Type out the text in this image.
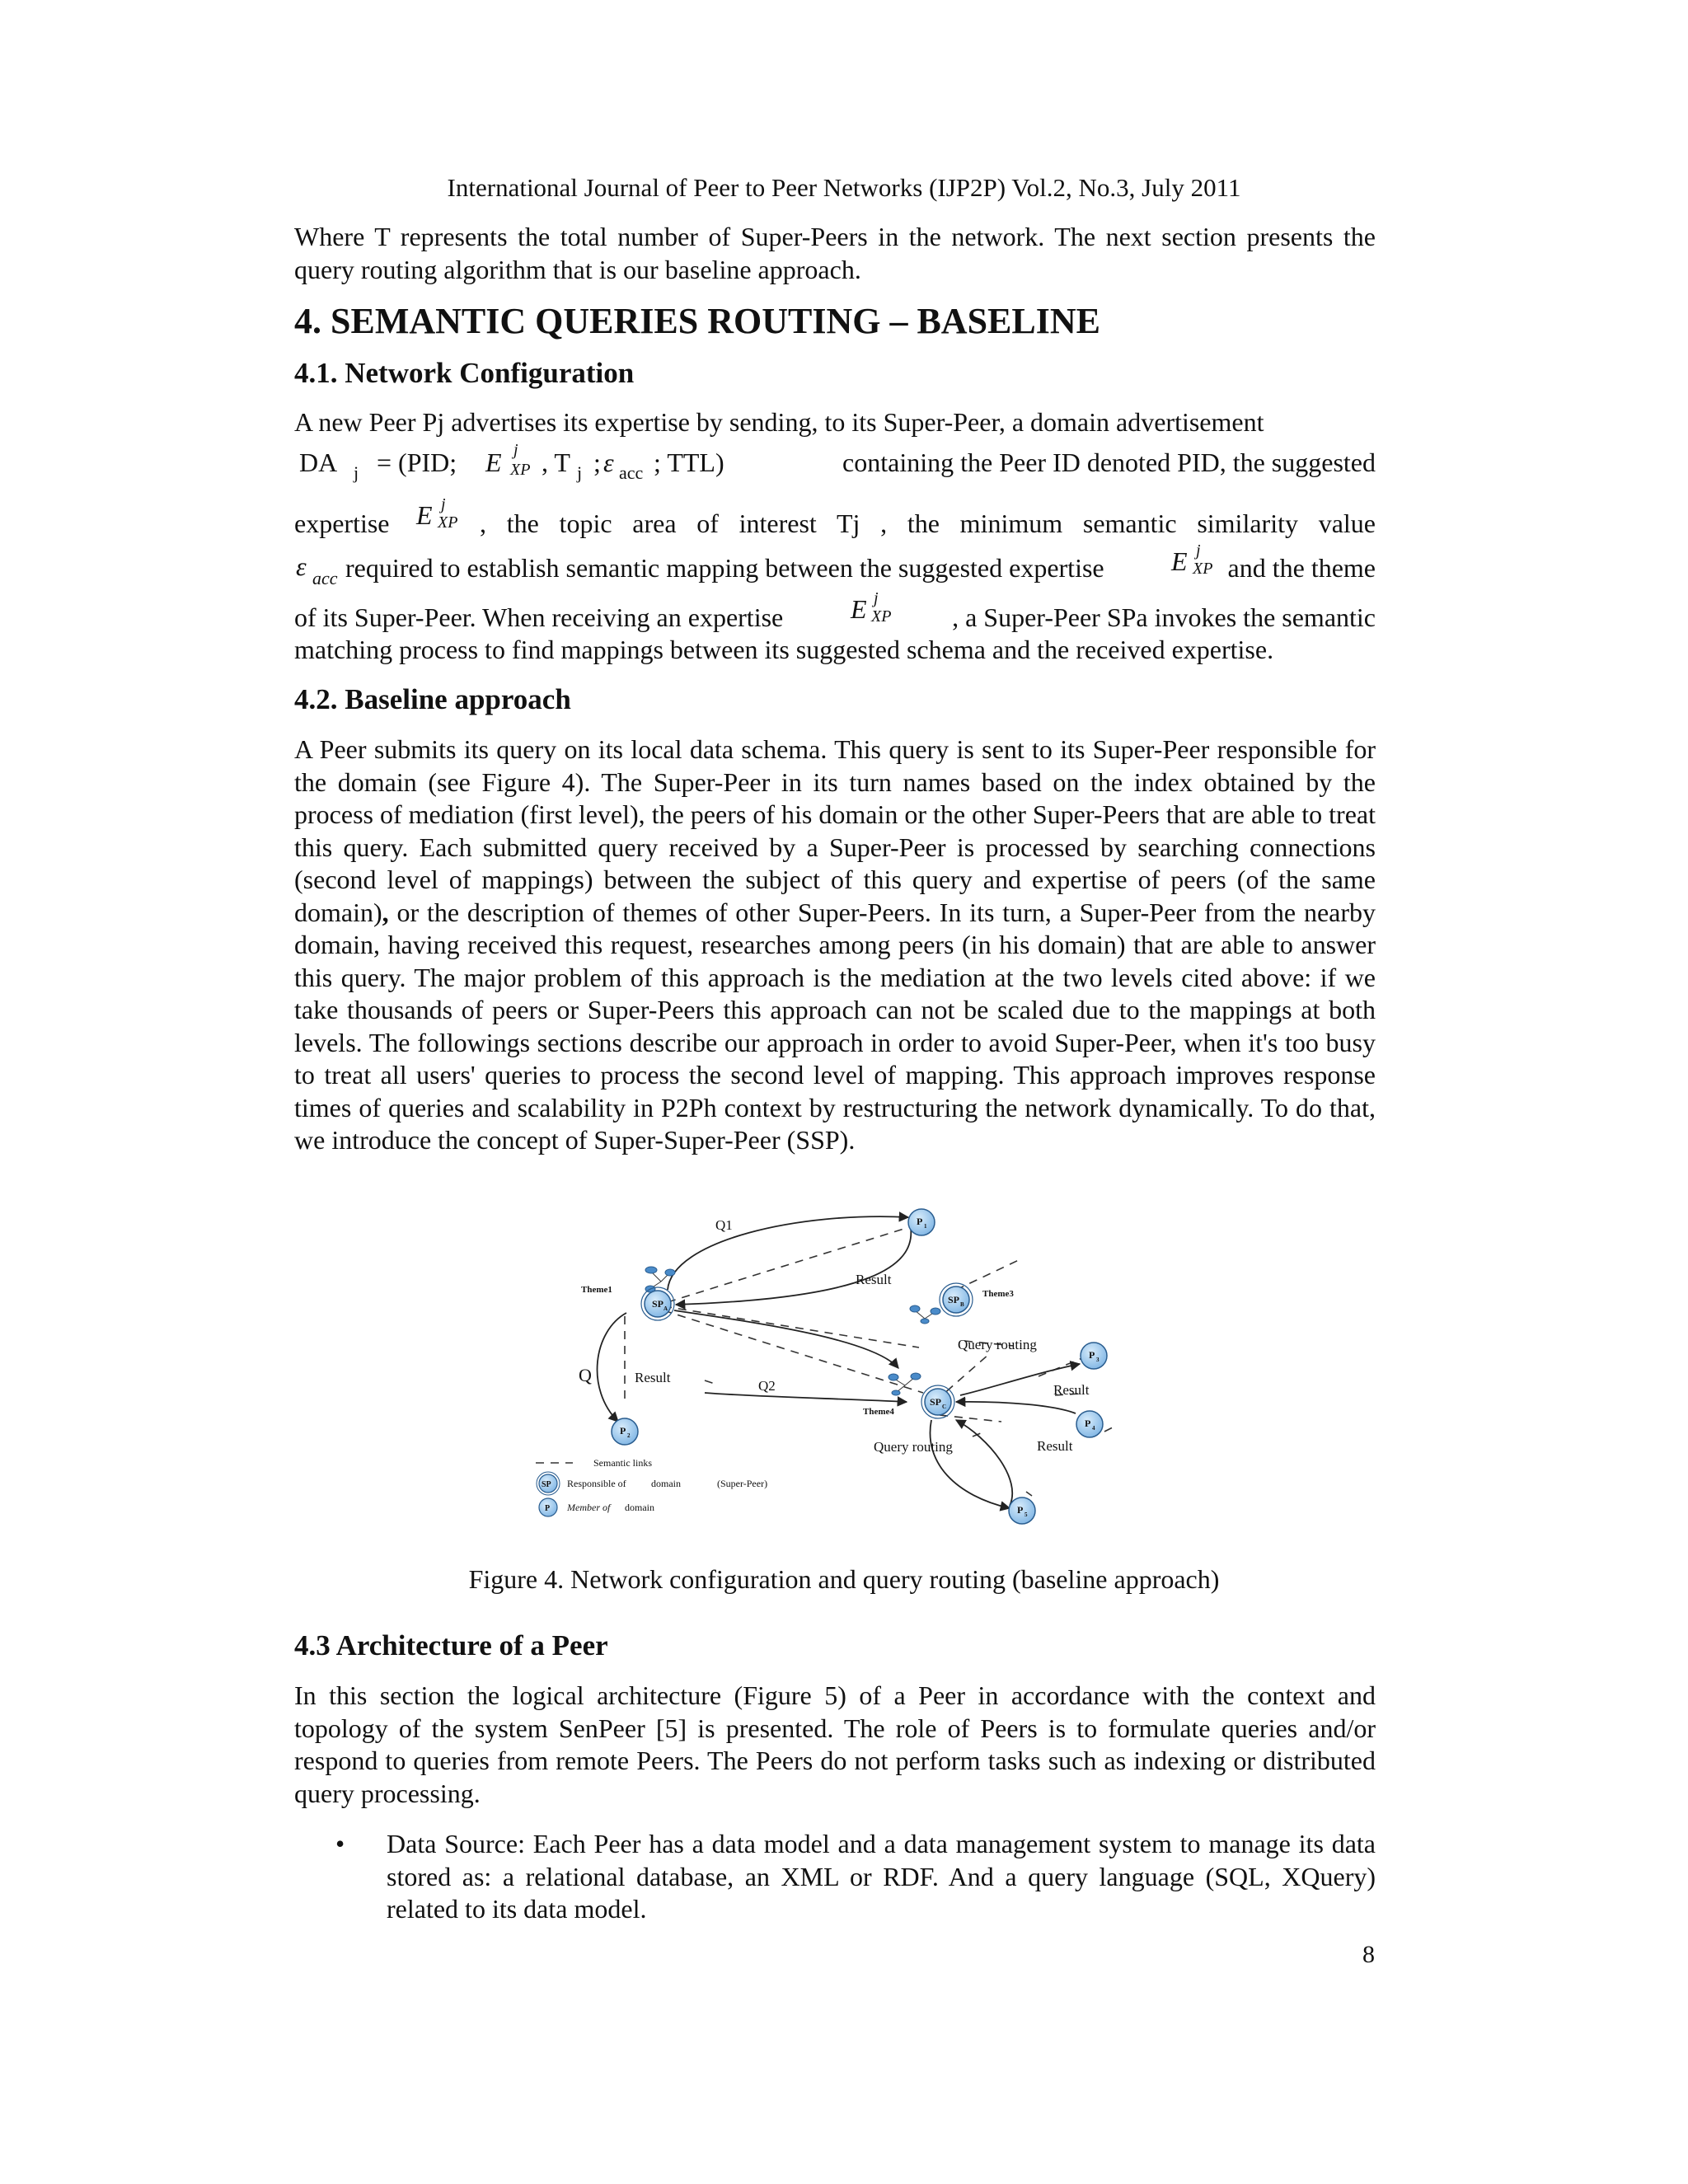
International Journal of Peer to Peer Networks (IJP2P) Vol.2, No.3, July 2011

Where T represents the total number of Super-Peers in the network. The next section presents the query routing algorithm that is our baseline approach.

4. SEMANTIC QUERIES ROUTING – BASELINE
4.1. Network Configuration

A new Peer Pj advertises its expertise by sending, to its Super-Peer, a domain advertisement

DA j = (PID; E j
XP , T j ; ε acc ; TTL)	containing the Peer ID denoted PID, the suggested
expertise E j
XP , the topic area of interest Tj , the minimum semantic similarity value
ε acc required to establish semantic mapping between the suggested expertise	E j
XP and the theme
of its Super-Peer. When receiving an expertise	E j
XP , a Super-Peer SPa invokes the semantic

matching process to find mappings between its suggested schema and the received expertise.

4.2. Baseline approach

A Peer submits its query on its local data schema. This query is sent to its Super-Peer responsible for the domain (see Figure 4). The Super-Peer in its turn names based on the index obtained by the process of mediation (first level), the peers of his domain or the other Super-Peers that are able to treat this query. Each submitted query received by a Super-Peer is processed by searching connections (second level of mappings) between the subject of this query and expertise of peers (of the same domain), or the description of themes of other Super-Peers. In its turn, a Super-Peer from the nearby domain, having received this request, researches among peers (in his domain) that are able to answer this query. The major problem of this approach is the mediation at the two levels cited above: if we take thousands of peers or Super-Peers this approach can not be scaled due to the mappings at both levels. The followings sections describe our approach in order to avoid Super-Peer, when it's too busy to treat all users' queries to process the second level of mapping. This approach improves response times of queries and scalability in P2Ph context by restructuring the network dynamically. To do that, we introduce the concept of Super-Super-Peer (SSP).

SP A
SP B
SP C
P 1
P 2
P 3
P 4
P 5
Q1
Result
Q	Result
Q2
Query routing
Result
Query routing	Result
Theme1	Theme3
Theme4
Semantic links
SP Responsible of	domain	(Super-Peer)
P Member of domain
Figure 4. Network configuration and query routing (baseline approach)
4.3 Architecture of a Peer

In this section the logical architecture (Figure 5) of a Peer in accordance with the context and topology of the system SenPeer [5] is presented. The role of Peers is to formulate queries and/or respond to queries from remote Peers. The Peers do not perform tasks such as indexing or distributed query processing.

• Data Source: Each Peer has a data model and a data management system to manage its data stored as: a relational database, an XML or RDF. And a query language (SQL, XQuery) related to its data model.

8
